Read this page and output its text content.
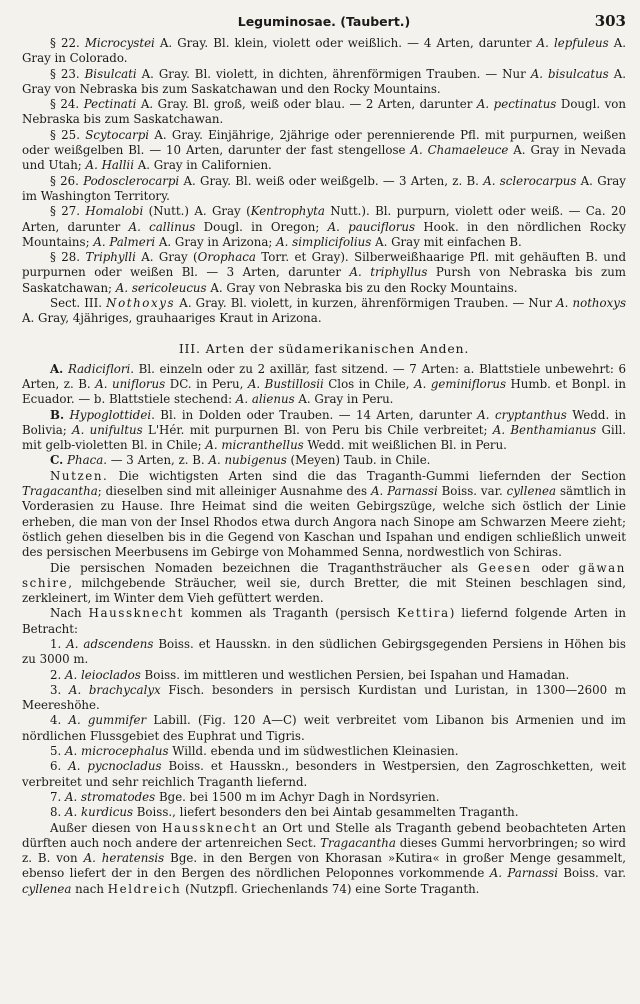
Leguminosae. (Taubert.)	303

§ 22. Microcystei A. Gray. Bl. klein, violett oder weißlich. — 4 Arten, darunter A. lepfuleus A. Gray in Colorado.

§ 23. Bisulcati A. Gray. Bl. violett, in dichten, ährenförmigen Trauben. — Nur A. bisulcatus A. Gray von Nebraska bis zum Saskatchawan und den Rocky Mountains.

§ 24. Pectinati A. Gray. Bl. groß, weiß oder blau. — 2 Arten, darunter A. pectinatus Dougl. von Nebraska bis zum Saskatchawan.

§ 25. Scytocarpi A. Gray. Einjährige, 2jährige oder perennierende Pfl. mit purpurnen, weißen oder weißgelben Bl. — 10 Arten, darunter der fast stengellose A. Chamaeleuce A. Gray in Nevada und Utah; A. Hallii A. Gray in Californien.

§ 26. Podosclerocarpi A. Gray. Bl. weiß oder weißgelb. — 3 Arten, z. B. A. sclerocarpus A. Gray im Washington Territory.

§ 27. Homalobi (Nutt.) A. Gray (Kentrophyta Nutt.). Bl. purpurn, violett oder weiß. — Ca. 20 Arten, darunter A. callinus Dougl. in Oregon; A. pauciflorus Hook. in den nördlichen Rocky Mountains; A. Palmeri A. Gray in Arizona; A. simplicifolius A. Gray mit einfachen B.

§ 28. Triphylli A. Gray (Orophaca Torr. et Gray). Silberweißhaarige Pfl. mit gehäuften B. und purpurnen oder weißen Bl. — 3 Arten, darunter A. triphyllus Pursh von Nebraska bis zum Saskatchawan; A. sericoleucus A. Gray von Nebraska bis zu den Rocky Mountains.

Sect. III. Nothoxys A. Gray. Bl. violett, in kurzen, ährenförmigen Trauben. — Nur A. nothoxys A. Gray, 4jähriges, grauhaariges Kraut in Arizona.

III. Arten der südamerikanischen Anden.

A. Radiciflori. Bl. einzeln oder zu 2 axillär, fast sitzend. — 7 Arten: a. Blattstiele unbewehrt: 6 Arten, z. B. A. uniflorus DC. in Peru, A. Bustillosii Clos in Chile, A. geminiflorus Humb. et Bonpl. in Ecuador. — b. Blattstiele stechend: A. alienus A. Gray in Peru.

B. Hypoglottidei. Bl. in Dolden oder Trauben. — 14 Arten, darunter A. cryptanthus Wedd. in Bolivia; A. unifultus L'Hér. mit purpurnen Bl. von Peru bis Chile verbreitet; A. Benthamianus Gill. mit gelb-violetten Bl. in Chile; A. micranthellus Wedd. mit weißlichen Bl. in Peru.

C. Phaca. — 3 Arten, z. B. A. nubigenus (Meyen) Taub. in Chile.

Nutzen. Die wichtigsten Arten sind die das Traganth-Gummi liefernden der Section Tragacantha; dieselben sind mit alleiniger Ausnahme des A. Parnassi Boiss. var. cyllenea sämtlich in Vorderasien zu Hause. Ihre Heimat sind die weiten Gebirgszüge, welche sich östlich der Linie erheben, die man von der Insel Rhodos etwa durch Angora nach Sinope am Schwarzen Meere zieht; östlich gehen dieselben bis in die Gegend von Kaschan und Ispahan und endigen schließlich unweit des persischen Meerbusens im Gebirge von Mohammed Senna, nordwestlich von Schiras.

Die persischen Nomaden bezeichnen die Traganthsträucher als Geesen oder gäwan schire, milchgebende Sträucher, weil sie, durch Bretter, die mit Steinen beschlagen sind, zerkleinert, im Winter dem Vieh gefüttert werden.

Nach Haussknecht kommen als Traganth (persisch Kettira) liefernd folgende Arten in Betracht:

1. A. adscendens Boiss. et Hausskn. in den südlichen Gebirgsgegenden Persiens in Höhen bis zu 3000 m.

2. A. leioclados Boiss. im mittleren und westlichen Persien, bei Ispahan und Hamadan.

3. A. brachycalyx Fisch. besonders in persisch Kurdistan und Luristan, in 1300—2600 m Meereshöhe.

4. A. gummifer Labill. (Fig. 120 A—C) weit verbreitet vom Libanon bis Armenien und im nördlichen Flussgebiet des Euphrat und Tigris.

5. A. microcephalus Willd. ebenda und im südwestlichen Kleinasien.

6. A. pycnocladus Boiss. et Hausskn., besonders in Westpersien, den Zagroschketten, weit verbreitet und sehr reichlich Traganth liefernd.

7. A. stromatodes Bge. bei 1500 m im Achyr Dagh in Nordsyrien.

8. A. kurdicus Boiss., liefert besonders den bei Aintab gesammelten Traganth.

Außer diesen von Haussknecht an Ort und Stelle als Traganth gebend beobachteten Arten dürften auch noch andere der artenreichen Sect. Tragacantha dieses Gummi hervorbringen; so wird z. B. von A. heratensis Bge. in den Bergen von Khorasan »Kutira« in großer Menge gesammelt, ebenso liefert der in den Bergen des nördlichen Peloponnes vorkommende A. Parnassi Boiss. var. cyllenea nach Heldreich (Nutzpfl. Griechenlands 74) eine Sorte Traganth.
